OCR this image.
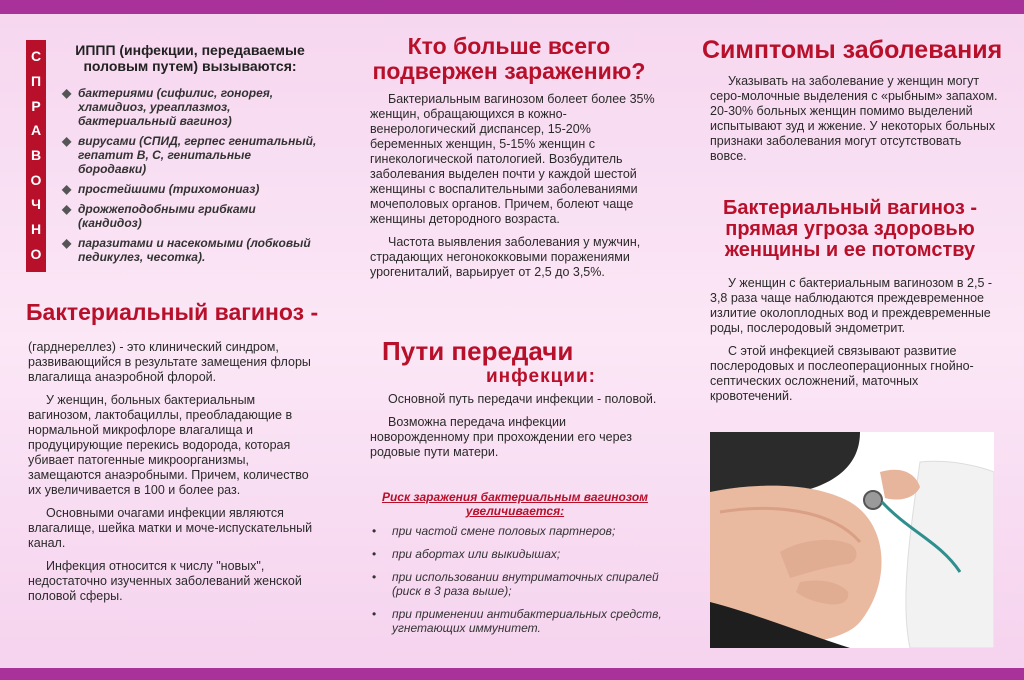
С
П
Р
А
В
О
Ч
Н
О
ИППП (инфекции, передаваемые половым путем) вызываются:
◆ бактериями (сифилис, гонорея, хламидиоз, уреаплазмоз, бактериальный вагиноз)
◆ вирусами (СПИД, герпес генитальный, гепатит В, С, генитальные бородавки)
◆ простейшими (трихомониаз)
◆ дрожжеподобными грибками (кандидоз)
◆ паразитами и насекомыми (лобковый педикулез, чесотка).
Бактериальный вагиноз -

(гарднереллез) - это клинический синдром, развивающийся в результате замещения флоры влагалища анаэробной флорой.

У женщин, больных бактериальным вагинозом, лактобациллы, преобладающие в нормальной микрофлоре влагалища и продуцирующие перекись водорода, которая убивает патогенные микроорганизмы, замещаются анаэробными. Причем, количество их увеличивается в 100 и более раз.

Основными очагами инфекции являются влагалище, шейка матки и моче-испускательный канал.

Инфекция относится к числу "новых", недостаточно изученных заболеваний женской половой сферы.

Кто больше всего подвержен заражению?

Бактериальным вагинозом болеет более 35% женщин, обращающихся в кожно-венерологический диспансер, 15-20% беременных женщин, 5-15% женщин с гинекологической патологией. Возбудитель заболевания выделен почти у каждой шестой женщины с воспалительными заболеваниями мочеполовых органов. Причем, болеют чаще женщины детородного возраста.

Частота выявления заболевания у мужчин, страдающих негонококковыми поражениями урогениталий, варьирует от 2,5 до 3,5%.

Пути передачи
инфекции:

Основной путь передачи инфекции - половой.

Возможна передача инфекции новорожденному при прохождении его через родовые пути матери.

Риск заражения бактериальным вагинозом увеличивается:
• при частой смене половых партнеров;
• при абортах или выкидышах;
• при использовании внутриматочных спиралей (риск в 3 раза выше);
• при применении антибактериальных средств, угнетающих иммунитет.
Симптомы заболевания

Указывать на заболевание у женщин могут серо-молочные выделения с «рыбным» запахом. 20-30% больных женщин помимо выделений испытывают зуд и жжение. У некоторых больных признаки заболевания могут отсутствовать вовсе.

Бактериальный вагиноз - прямая угроза здоровью женщины и ее потомству

У женщин с бактериальным вагинозом в 2,5 - 3,8 раза чаще наблюдаются преждевременное излитие околоплодных вод и преждевременные роды, послеродовый эндометрит.

С этой инфекцией связывают развитие послеродовых и послеоперационных гнойно-септических осложнений, маточных кровотечений.
